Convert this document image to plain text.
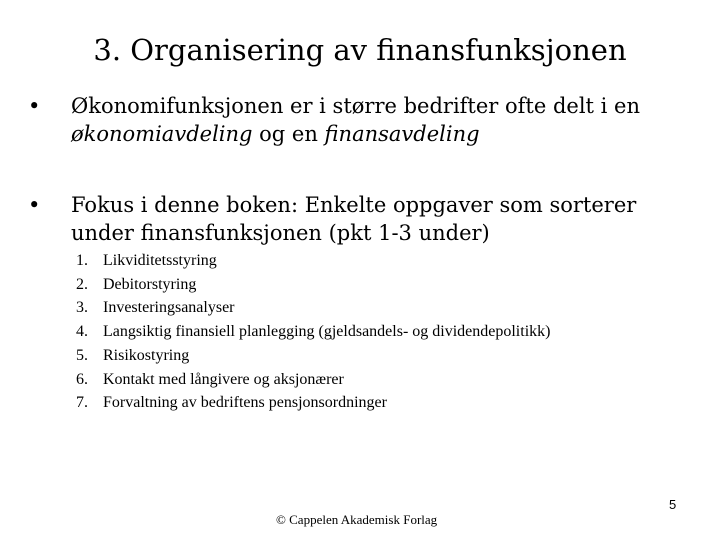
3. Organisering av finansfunksjonen
• Økonomifunksjonen er i større bedrifter ofte delt i en økonomiavdeling og en finansavdeling
• Fokus i denne boken: Enkelte oppgaver som sorterer under finansfunksjonen (pkt 1-3 under)
1. Likviditetsstyring
2. Debitorstyring
3. Investeringsanalyser
4. Langsiktig finansiell planlegging (gjeldsandels- og dividendepolitikk)
5. Risikostyring
6. Kontakt med långivere og aksjonærer
7. Forvaltning av bedriftens pensjonsordninger
© Cappelen Akademisk Forlag
5
